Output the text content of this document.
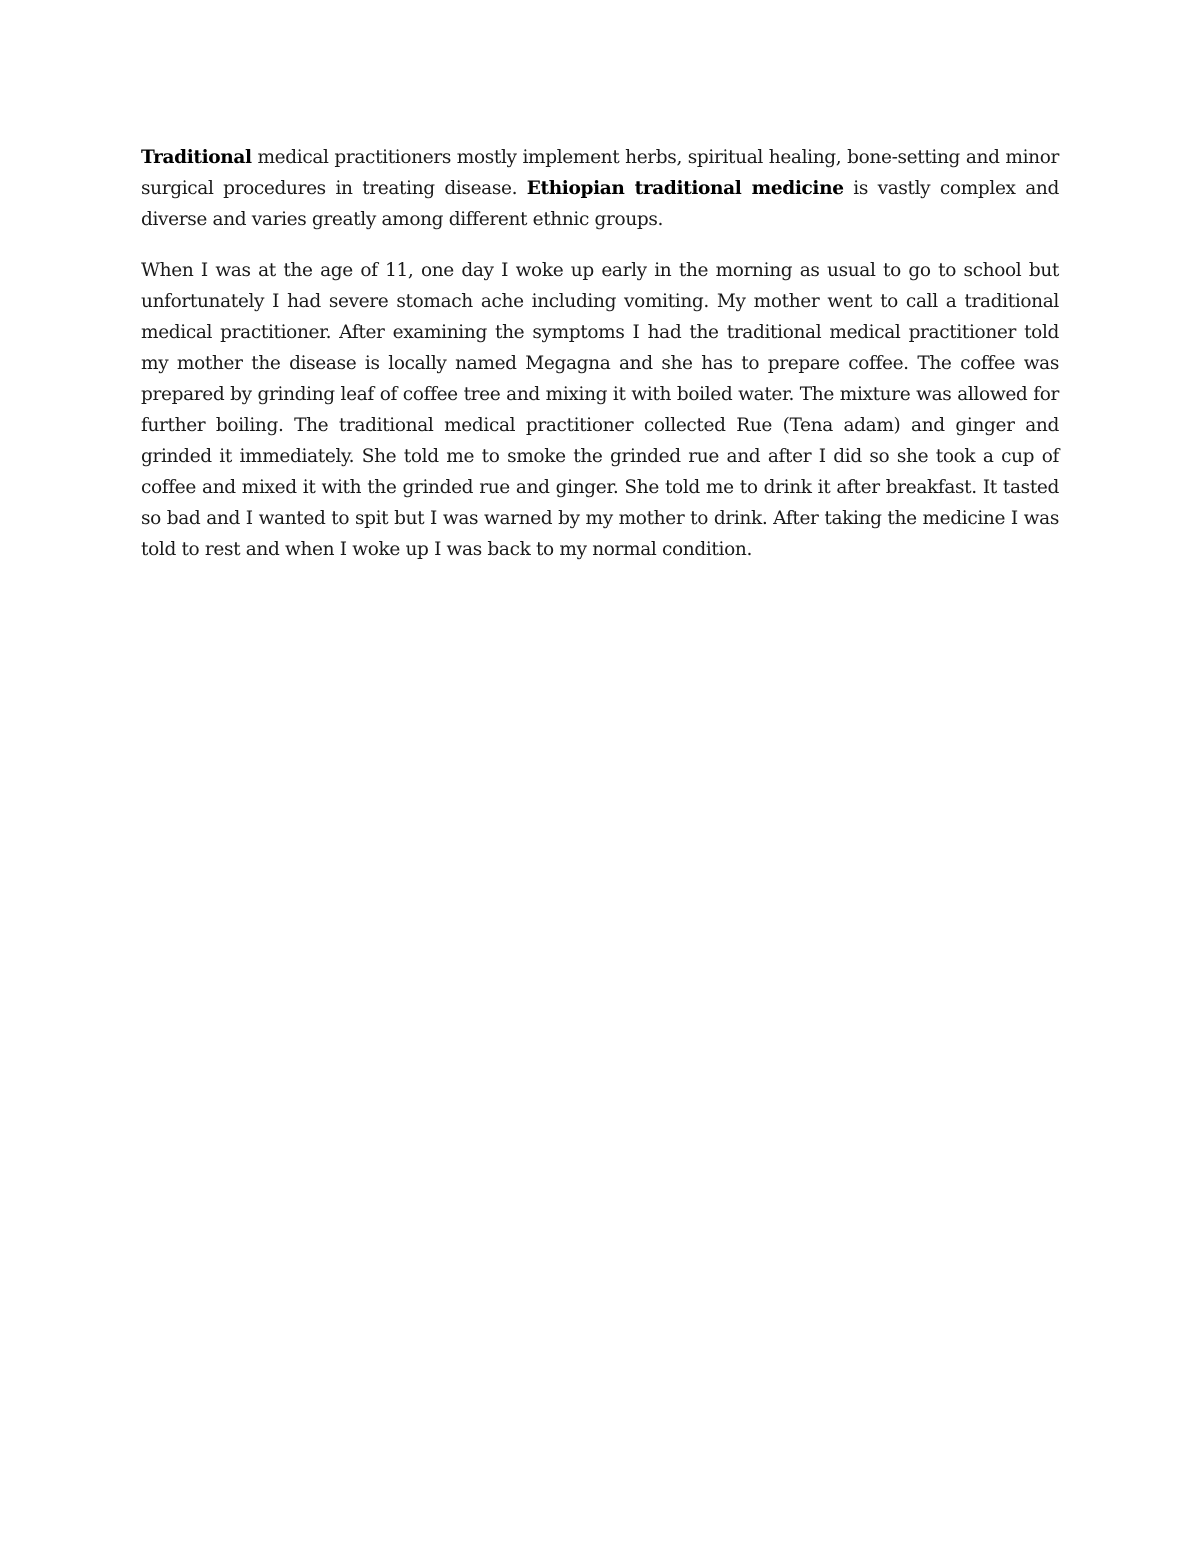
Traditional medical practitioners mostly implement herbs, spiritual healing, bone-setting and minor surgical procedures in treating disease. Ethiopian traditional medicine is vastly complex and diverse and varies greatly among different ethnic groups.

When I was at the age of 11, one day I woke up early in the morning as usual to go to school but unfortunately I had severe stomach ache including vomiting. My mother went to call a traditional medical practitioner. After examining the symptoms I had the traditional medical practitioner told my mother the disease is locally named Megagna and she has to prepare coffee. The coffee was prepared by grinding leaf of coffee tree and mixing it with boiled water. The mixture was allowed for further boiling. The traditional medical practitioner collected Rue (Tena adam) and ginger and grinded it immediately. She told me to smoke the grinded rue and after I did so she took a cup of coffee and mixed it with the grinded rue and ginger. She told me to drink it after breakfast. It tasted so bad and I wanted to spit but I was warned by my mother to drink. After taking the medicine I was told to rest and when I woke up I was back to my normal condition.
